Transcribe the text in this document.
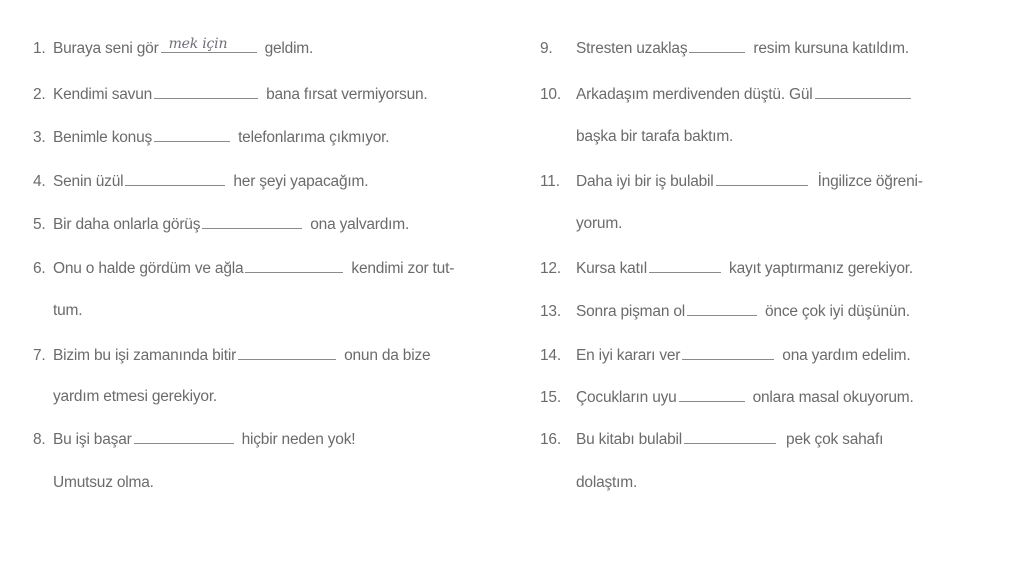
1. Buraya seni gör mek için geldim.
2. Kendimi savun	bana fırsat vermiyorsun.
3. Benimle konuş	telefonlarıma çıkmıyor.
4. Senin üzül	her şeyi yapacağım.
5. Bir daha onlarla görüş	ona yalvardım.
6. Onu o halde gördüm ve ağla	kendimi zor tut-
tum.
7. Bizim bu işi zamanında bitir	onun da bize
yardım etmesi gerekiyor.
8. Bu işi başar	hiçbir neden yok!
Umutsuz olma.
9. Stresten uzaklaş	resim kursuna katıldım.
10. Arkadaşım merdivenden düştü. Gül
başka bir tarafa baktım.
11. Daha iyi bir iş bulabil	İngilizce öğreni-
yorum.
12. Kursa katıl	kayıt yaptırmanız gerekiyor.
13. Sonra pişman ol	önce çok iyi düşünün.
14. En iyi kararı ver	ona yardım edelim.
15. Çocukların uyu	onlara masal okuyorum.
16. Bu kitabı bulabil	pek çok sahafı
dolaştım.
